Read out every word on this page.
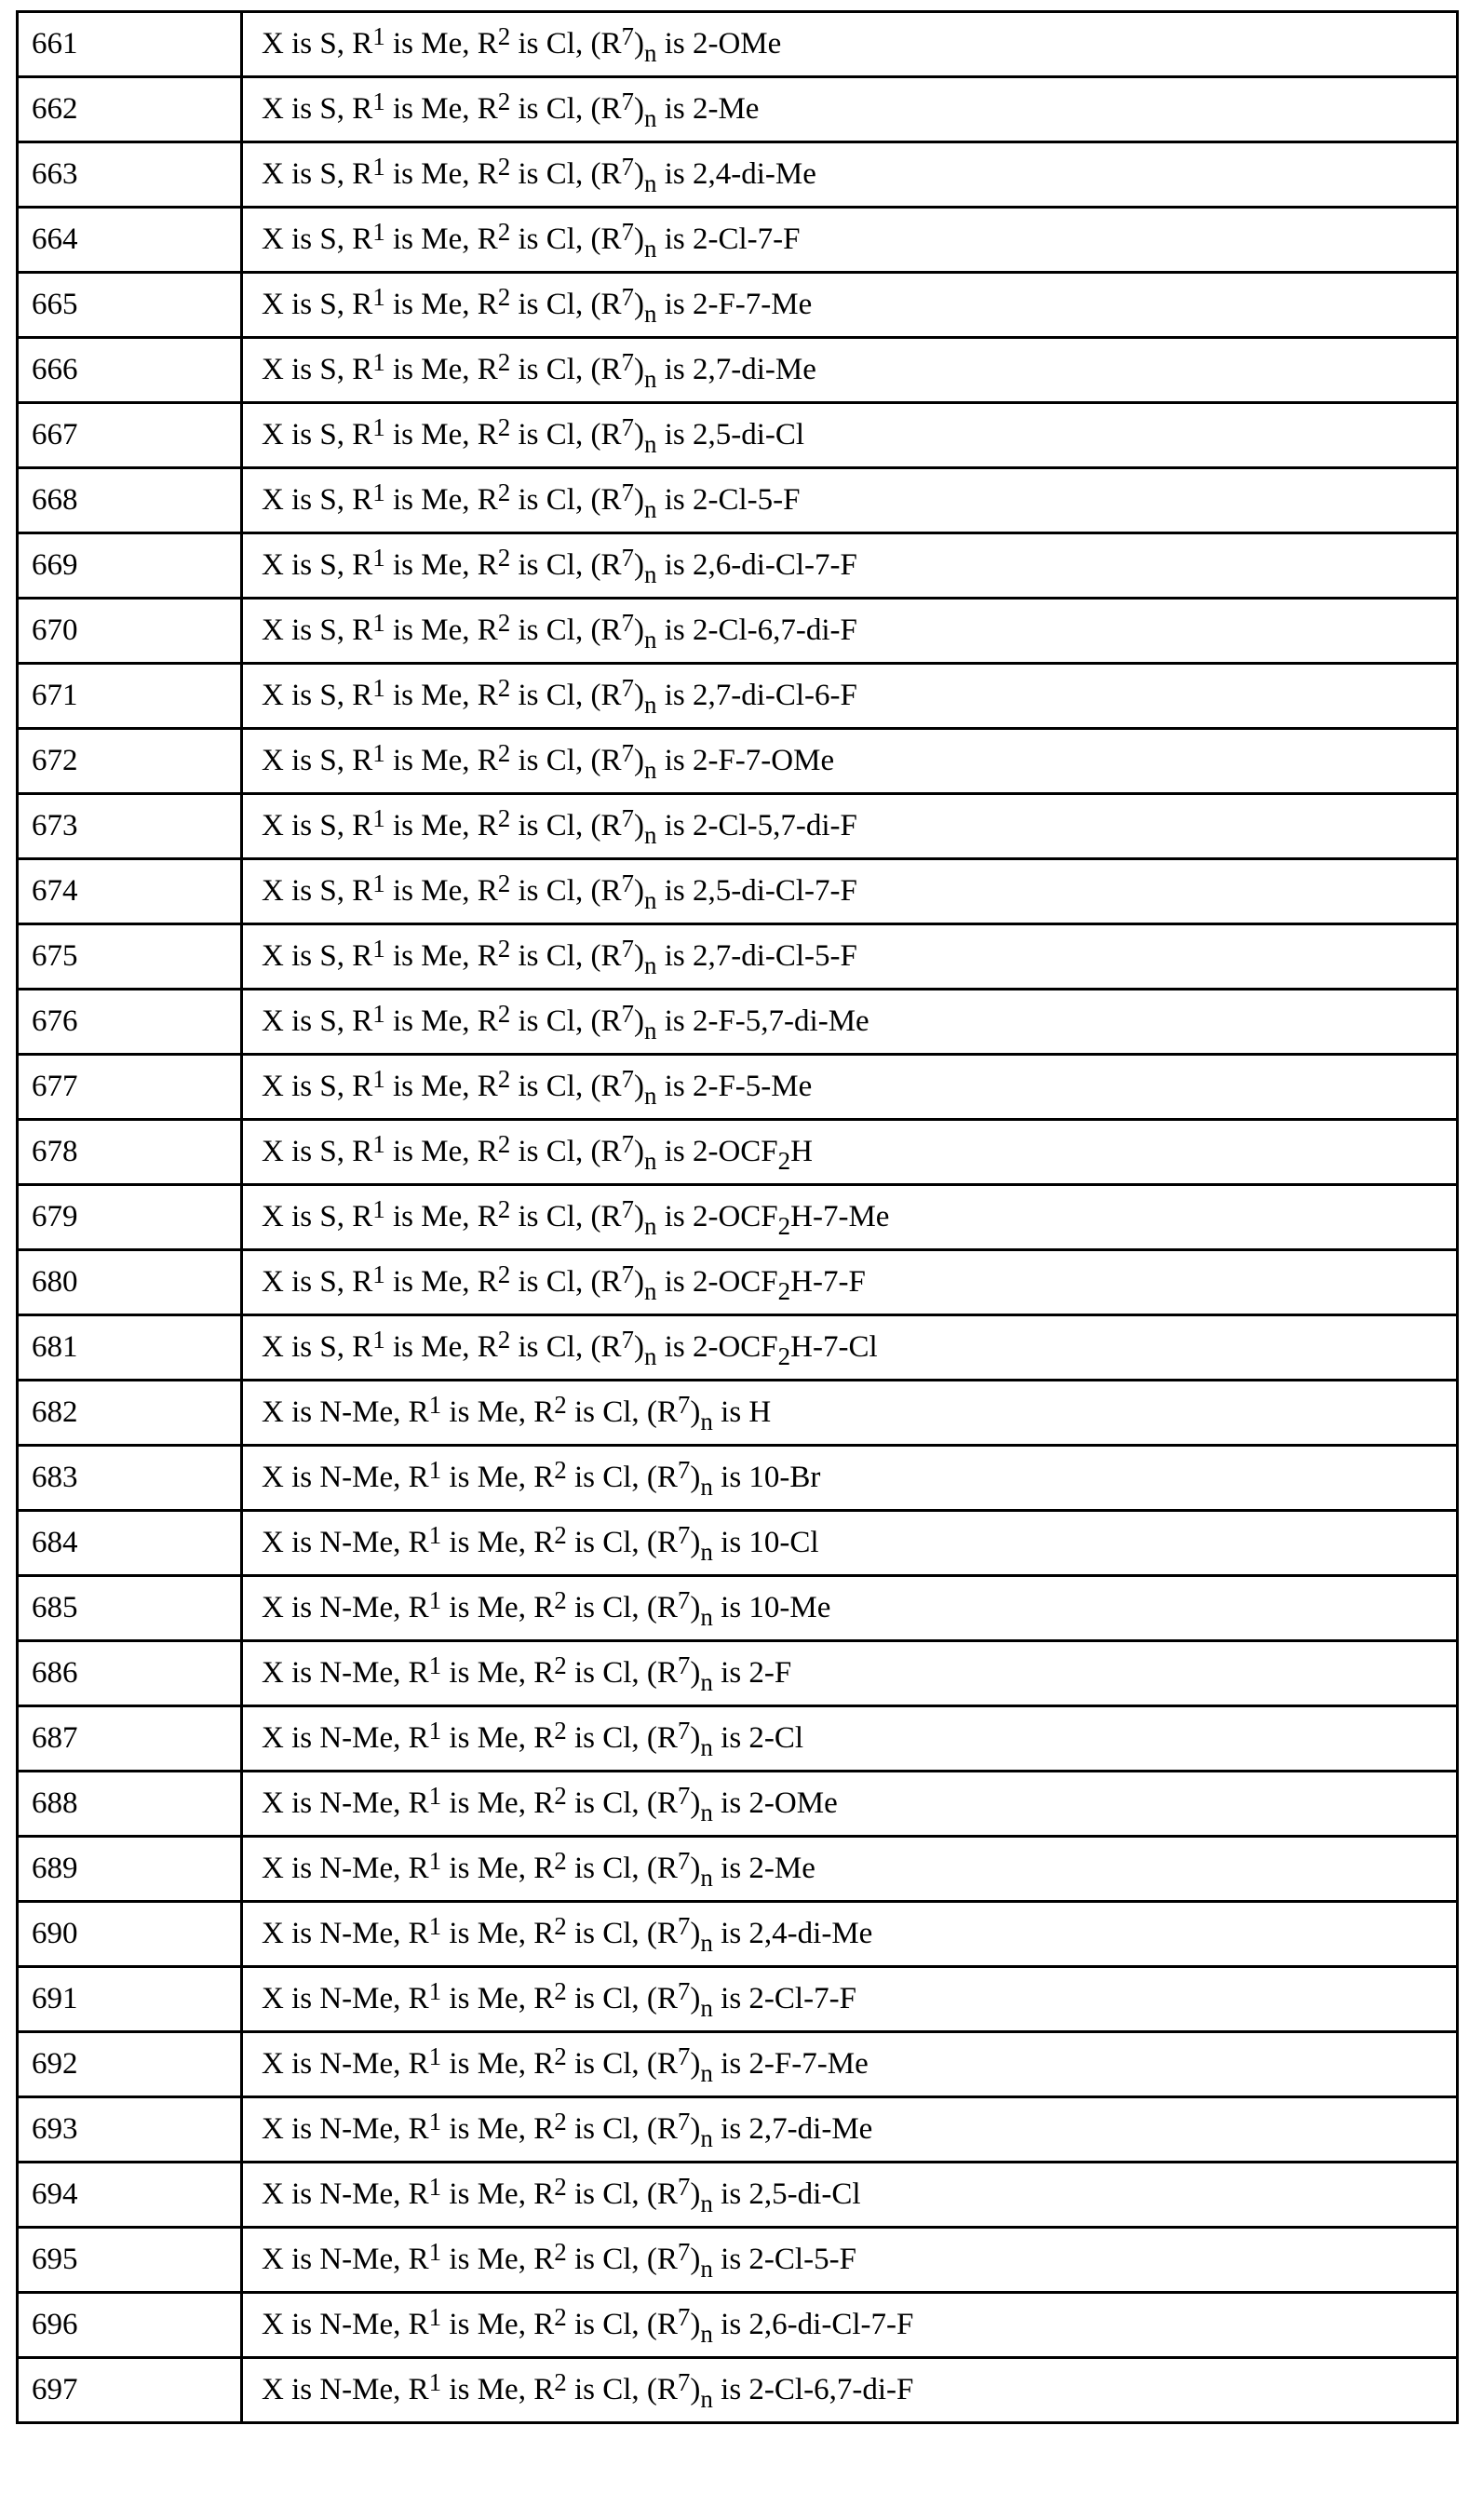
661	X is S, R1 is Me, R2 is Cl, (R7)n is 2-OMe
662	X is S, R1 is Me, R2 is Cl, (R7)n is 2-Me
663	X is S, R1 is Me, R2 is Cl, (R7)n is 2,4-di-Me
664	X is S, R1 is Me, R2 is Cl, (R7)n is 2-Cl-7-F
665	X is S, R1 is Me, R2 is Cl, (R7)n is 2-F-7-Me
666	X is S, R1 is Me, R2 is Cl, (R7)n is 2,7-di-Me
667	X is S, R1 is Me, R2 is Cl, (R7)n is 2,5-di-Cl
668	X is S, R1 is Me, R2 is Cl, (R7)n is 2-Cl-5-F
669	X is S, R1 is Me, R2 is Cl, (R7)n is 2,6-di-Cl-7-F
670	X is S, R1 is Me, R2 is Cl, (R7)n is 2-Cl-6,7-di-F
671	X is S, R1 is Me, R2 is Cl, (R7)n is 2,7-di-Cl-6-F
672	X is S, R1 is Me, R2 is Cl, (R7)n is 2-F-7-OMe
673	X is S, R1 is Me, R2 is Cl, (R7)n is 2-Cl-5,7-di-F
674	X is S, R1 is Me, R2 is Cl, (R7)n is 2,5-di-Cl-7-F
675	X is S, R1 is Me, R2 is Cl, (R7)n is 2,7-di-Cl-5-F
676	X is S, R1 is Me, R2 is Cl, (R7)n is 2-F-5,7-di-Me
677	X is S, R1 is Me, R2 is Cl, (R7)n is 2-F-5-Me
678	X is S, R1 is Me, R2 is Cl, (R7)n is 2-OCF2H
679	X is S, R1 is Me, R2 is Cl, (R7)n is 2-OCF2H-7-Me
680	X is S, R1 is Me, R2 is Cl, (R7)n is 2-OCF2H-7-F
681	X is S, R1 is Me, R2 is Cl, (R7)n is 2-OCF2H-7-Cl
682	X is N-Me, R1 is Me, R2 is Cl, (R7)n is H
683	X is N-Me, R1 is Me, R2 is Cl, (R7)n is 10-Br
684	X is N-Me, R1 is Me, R2 is Cl, (R7)n is 10-Cl
685	X is N-Me, R1 is Me, R2 is Cl, (R7)n is 10-Me
686	X is N-Me, R1 is Me, R2 is Cl, (R7)n is 2-F
687	X is N-Me, R1 is Me, R2 is Cl, (R7)n is 2-Cl
688	X is N-Me, R1 is Me, R2 is Cl, (R7)n is 2-OMe
689	X is N-Me, R1 is Me, R2 is Cl, (R7)n is 2-Me
690	X is N-Me, R1 is Me, R2 is Cl, (R7)n is 2,4-di-Me
691	X is N-Me, R1 is Me, R2 is Cl, (R7)n is 2-Cl-7-F
692	X is N-Me, R1 is Me, R2 is Cl, (R7)n is 2-F-7-Me
693	X is N-Me, R1 is Me, R2 is Cl, (R7)n is 2,7-di-Me
694	X is N-Me, R1 is Me, R2 is Cl, (R7)n is 2,5-di-Cl
695	X is N-Me, R1 is Me, R2 is Cl, (R7)n is 2-Cl-5-F
696	X is N-Me, R1 is Me, R2 is Cl, (R7)n is 2,6-di-Cl-7-F
697	X is N-Me, R1 is Me, R2 is Cl, (R7)n is 2-Cl-6,7-di-F
